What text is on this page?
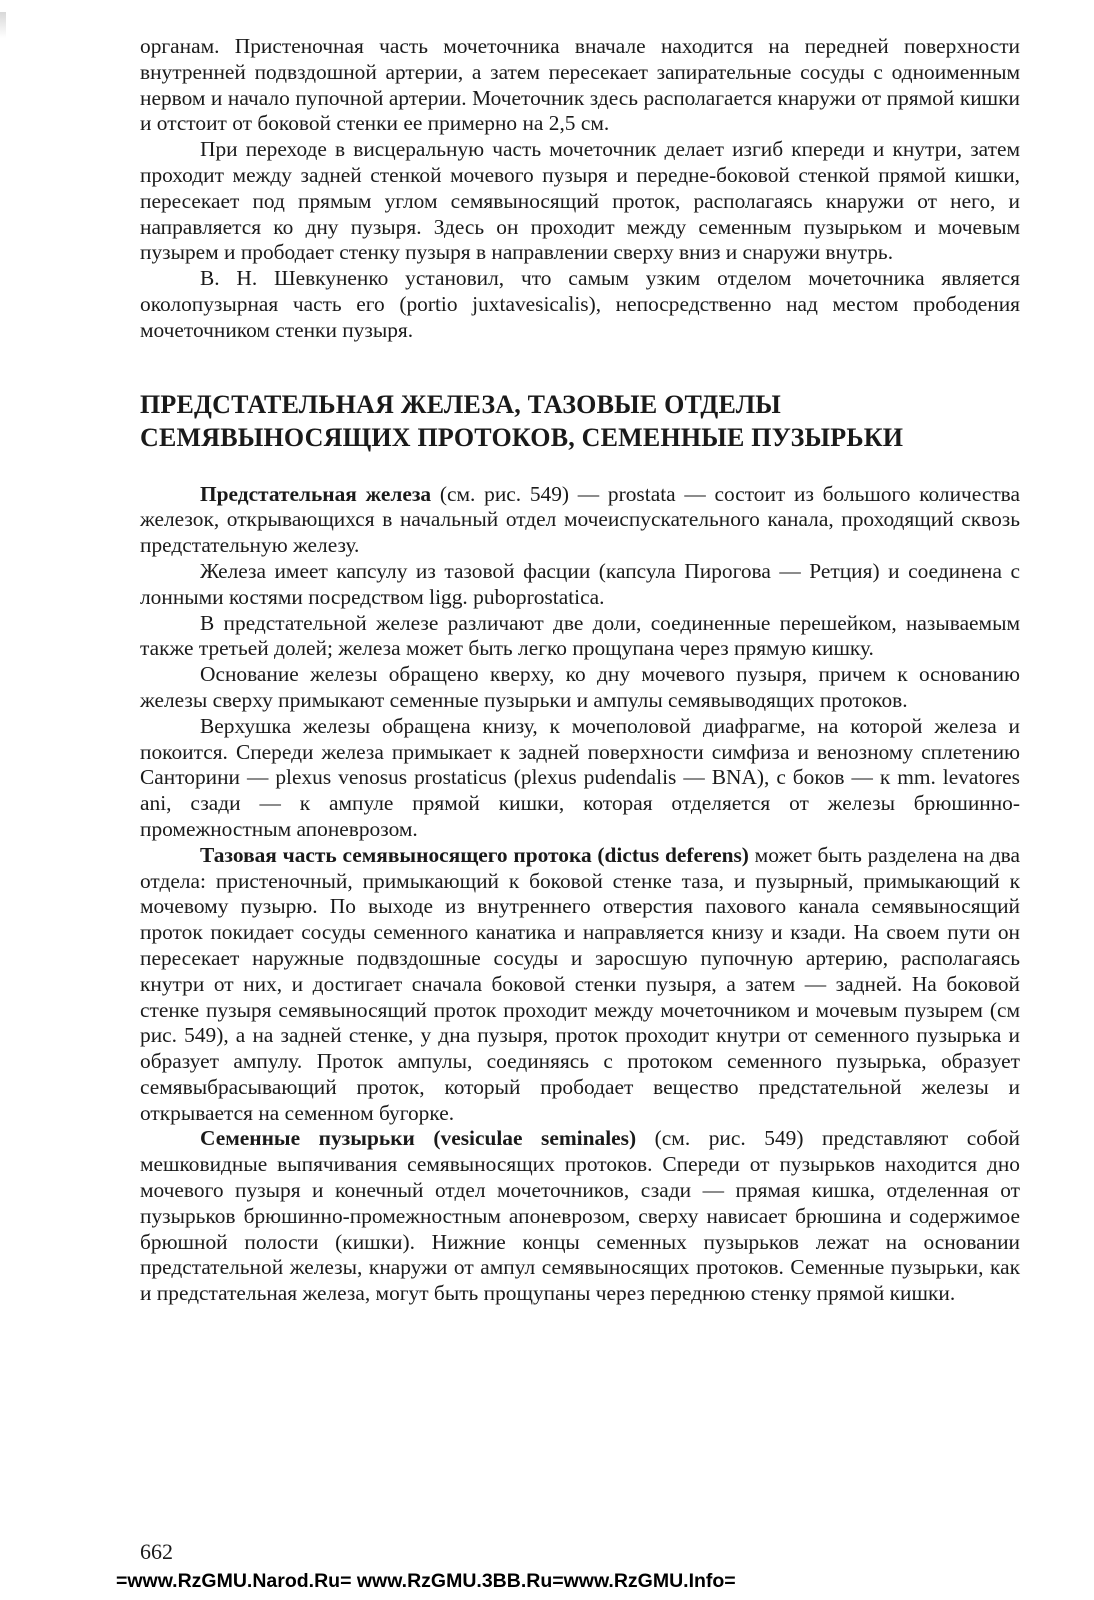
органам. Пристеночная часть мочеточника вначале находится на передней поверхности внутренней подвздошной артерии, а затем пересекает запирательные сосуды с одноименным нервом и начало пупочной артерии. Мочеточник здесь располагается кнаружи от прямой кишки и отстоит от боковой стенки ее примерно на 2,5 см.

При переходе в висцеральную часть мочеточник делает изгиб кпереди и кнутри, затем проходит между задней стенкой мочевого пузыря и передне-боковой стенкой прямой кишки, пересекает под прямым углом семявыносящий проток, располагаясь кнаружи от него, и направляется ко дну пузыря. Здесь он проходит между семенным пузырьком и мочевым пузырем и прободает стенку пузыря в направлении сверху вниз и снаружи внутрь.

В. Н. Шевкуненко установил, что самым узким отделом мочеточника является околопузырная часть его (portio juxtavesicalis), непосредственно над местом прободения мочеточником стенки пузыря.

ПРЕДСТАТЕЛЬНАЯ ЖЕЛЕЗА, ТАЗОВЫЕ ОТДЕЛЫ СЕМЯВЫНОСЯЩИХ ПРОТОКОВ, СЕМЕННЫЕ ПУЗЫРЬКИ

Предстательная железа (см. рис. 549) — prostata — состоит из большого количества железок, открывающихся в начальный отдел мочеиспускательного канала, проходящий сквозь предстательную железу.

Железа имеет капсулу из тазовой фасции (капсула Пирогова — Ретция) и соединена с лонными костями посредством ligg. puboprostatica.

В предстательной железе различают две доли, соединенные перешейком, называемым также третьей долей; железа может быть легко прощупана через прямую кишку.

Основание железы обращено кверху, ко дну мочевого пузыря, причем к основанию железы сверху примыкают семенные пузырьки и ампулы семявыводящих протоков.

Верхушка железы обращена книзу, к мочеполовой диафрагме, на которой железа и покоится. Спереди железа примыкает к задней поверхности симфиза и венозному сплетению Санторини — plexus venosus prostaticus (plexus pudendalis — BNA), с боков — к mm. levatores ani, сзади — к ампуле прямой кишки, которая отделяется от железы брюшинно-промежностным апоневрозом.

Тазовая часть семявыносящего протока (dictus deferens) может быть разделена на два отдела: пристеночный, примыкающий к боковой стенке таза, и пузырный, примыкающий к мочевому пузырю. По выходе из внутреннего отверстия пахового канала семявыносящий проток покидает сосуды семенного канатика и направляется книзу и кзади. На своем пути он пересекает наружные подвздошные сосуды и заросшую пупочную артерию, располагаясь кнутри от них, и достигает сначала боковой стенки пузыря, а затем — задней. На боковой стенке пузыря семявыносящий проток проходит между мочеточником и мочевым пузырем (см рис. 549), а на задней стенке, у дна пузыря, проток проходит кнутри от семенного пузырька и образует ампулу. Проток ампулы, соединяясь с протоком семенного пузырька, образует семявыбрасывающий проток, который прободает вещество предстательной железы и открывается на семенном бугорке.

Семенные пузырьки (vesiculae seminales) (см. рис. 549) представляют собой мешковидные выпячивания семявыносящих протоков. Спереди от пузырьков находится дно мочевого пузыря и конечный отдел мочеточников, сзади — прямая кишка, отделенная от пузырьков брюшинно-промежностным апоневрозом, сверху нависает брюшина и содержимое брюшной полости (кишки). Нижние концы семенных пузырьков лежат на основании предстательной железы, кнаружи от ампул семявыносящих протоков. Семенные пузырьки, как и предстательная железа, могут быть прощупаны через переднюю стенку прямой кишки.

662
=www.RzGMU.Narod.Ru= www.RzGMU.3BB.Ru=www.RzGMU.Info=
